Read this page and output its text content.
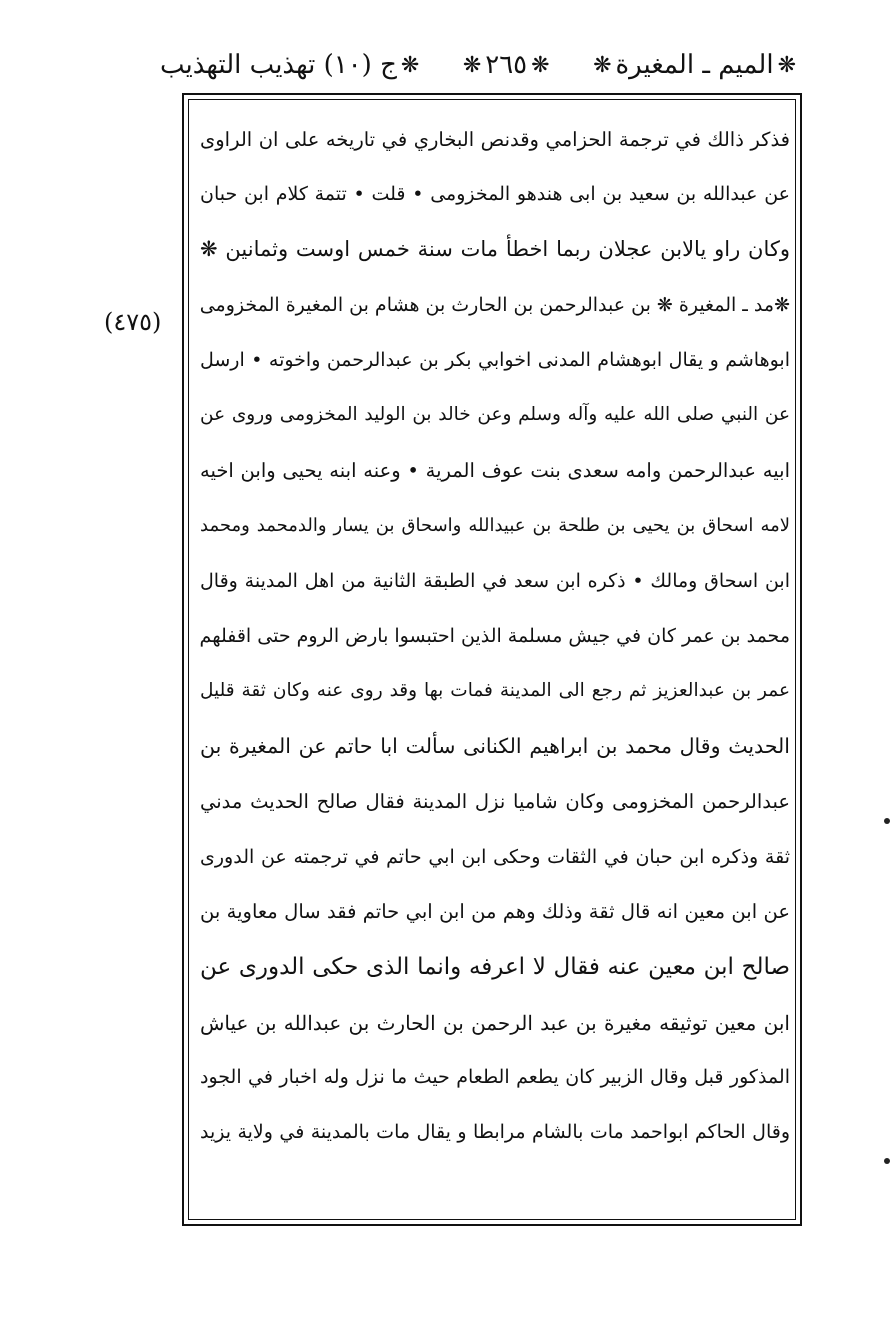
ج (١٠) تهذيب التهذيب ❋ ❋ ٢٦٥ ❋ ❋ الميم ـ المغيرة ❋
(٤٧٥)
فذكر ذالك في ترجمة الحزامي وقدنص البخاري في تاريخه على ان الراوى
عن عبدالله بن سعيد بن ابى هندهو المخزومى • قلت • تتمة كلام ابن حبان
وكان راو يالابن عجلان ربما اخطأ مات سنة خمس اوست وثمانين ❋
❋مد ـ المغيرة ❋ بن عبدالرحمن بن الحارث بن هشام بن المغيرة المخزومى
ابوهاشم و يقال ابوهشام المدنى اخوابي بكر بن عبدالرحمن واخوته • ارسل
عن النبي صلى الله عليه وآله وسلم وعن خالد بن الوليد المخزومى وروى عن
ابيه عبدالرحمن وامه سعدى بنت عوف المرية • وعنه ابنه يحيى وابن اخيه
لامه اسحاق بن يحيى بن طلحة بن عبيدالله واسحاق بن يسار والدمحمد ومحمد
ابن اسحاق ومالك • ذكره ابن سعد في الطبقة الثانية من اهل المدينة وقال
محمد بن عمر كان في جيش مسلمة الذين احتبسوا بارض الروم حتى اقفلهم
عمر بن عبدالعزيز ثم رجع الى المدينة فمات بها وقد روى عنه وكان ثقة قليل
الحديث وقال محمد بن ابراهيم الكنانى سألت ابا حاتم عن المغيرة بن
عبدالرحمن المخزومى وكان شاميا نزل المدينة فقال صالح الحديث مدني
ثقة وذكره ابن حبان في الثقات وحكى ابن ابي حاتم في ترجمته عن الدورى
عن ابن معين انه قال ثقة وذلك وهم من ابن ابي حاتم فقد سال معاوية بن
صالح ابن معين عنه فقال لا اعرفه وانما الذى حكى الدورى عن
ابن معين توثيقه مغيرة بن عبد الرحمن بن الحارث بن عبدالله بن عياش
المذكور قبل وقال الزبير كان يطعم الطعام حيث ما نزل وله اخبار في الجود
وقال الحاكم ابواحمد مات بالشام مرابطا و يقال مات بالمدينة في ولاية يزيد
